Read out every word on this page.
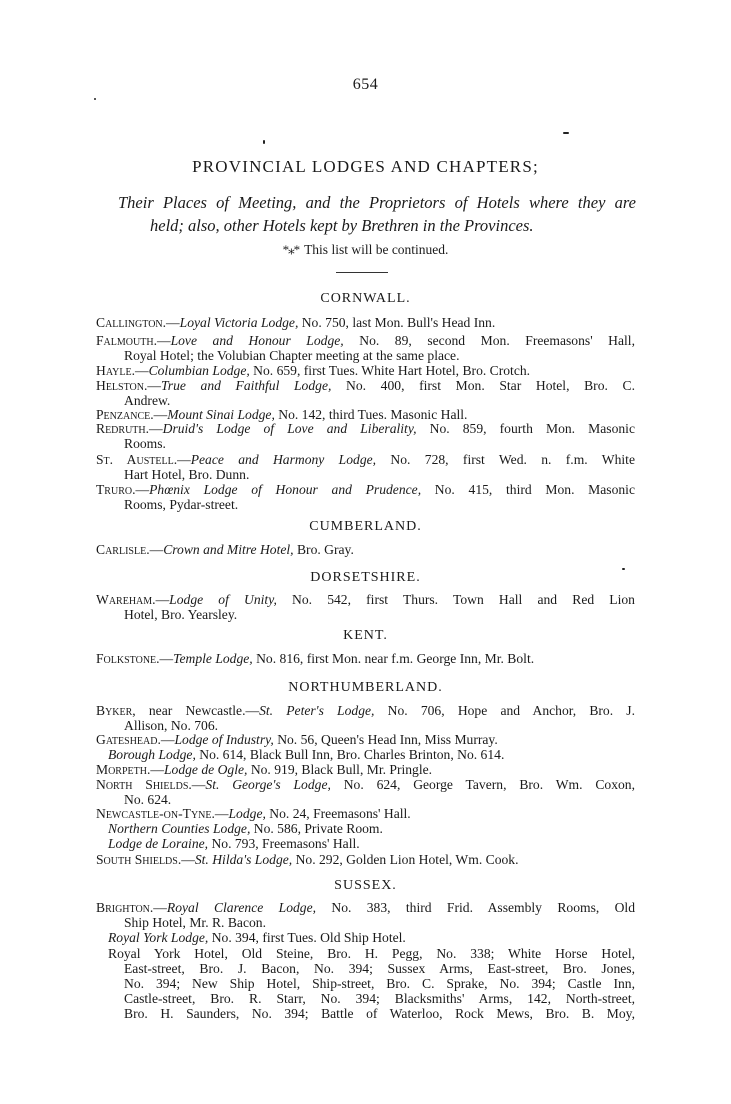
654
PROVINCIAL LODGES AND CHAPTERS;
Their Places of Meeting, and the Proprietors of Hotels where they are
held; also, other Hotels kept by Brethren in the Provinces.
*⁎* This list will be continued.
CORNWALL.
Callington.—Loyal Victoria Lodge, No. 750, last Mon. Bull's Head Inn.
Falmouth.—Love and Honour Lodge, No. 89, second Mon. Freemasons' Hall,
Royal Hotel; the Volubian Chapter meeting at the same place.
Hayle.—Columbian Lodge, No. 659, first Tues. White Hart Hotel, Bro. Crotch.
Helston.—True and Faithful Lodge, No. 400, first Mon. Star Hotel, Bro. C.
Andrew.
Penzance.—Mount Sinai Lodge, No. 142, third Tues. Masonic Hall.
Redruth.—Druid's Lodge of Love and Liberality, No. 859, fourth Mon. Masonic
Rooms.
St. Austell.—Peace and Harmony Lodge, No. 728, first Wed. n. f.m. White
Hart Hotel, Bro. Dunn.
Truro.—Phœnix Lodge of Honour and Prudence, No. 415, third Mon. Masonic
Rooms, Pydar-street.
CUMBERLAND.
Carlisle.—Crown and Mitre Hotel, Bro. Gray.
DORSETSHIRE.
Wareham.—Lodge of Unity, No. 542, first Thurs. Town Hall and Red Lion
Hotel, Bro. Yearsley.
KENT.
Folkstone.—Temple Lodge, No. 816, first Mon. near f.m. George Inn, Mr. Bolt.
NORTHUMBERLAND.
Byker, near Newcastle.—St. Peter's Lodge, No. 706, Hope and Anchor, Bro. J.
Allison, No. 706.
Gateshead.—Lodge of Industry, No. 56, Queen's Head Inn, Miss Murray.
Borough Lodge, No. 614, Black Bull Inn, Bro. Charles Brinton, No. 614.
Morpeth.—Lodge de Ogle, No. 919, Black Bull, Mr. Pringle.
North Shields.—St. George's Lodge, No. 624, George Tavern, Bro. Wm. Coxon,
No. 624.
Newcastle-on-Tyne.—Lodge, No. 24, Freemasons' Hall.
Northern Counties Lodge, No. 586, Private Room.
Lodge de Loraine, No. 793, Freemasons' Hall.
South Shields.—St. Hilda's Lodge, No. 292, Golden Lion Hotel, Wm. Cook.
SUSSEX.
Brighton.—Royal Clarence Lodge, No. 383, third Frid. Assembly Rooms, Old
Ship Hotel, Mr. R. Bacon.
Royal York Lodge, No. 394, first Tues. Old Ship Hotel.
Royal York Hotel, Old Steine, Bro. H. Pegg, No. 338; White Horse Hotel,
East-street, Bro. J. Bacon, No. 394; Sussex Arms, East-street, Bro. Jones,
No. 394; New Ship Hotel, Ship-street, Bro. C. Sprake, No. 394; Castle Inn,
Castle-street, Bro. R. Starr, No. 394; Blacksmiths' Arms, 142, North-street,
Bro. H. Saunders, No. 394; Battle of Waterloo, Rock Mews, Bro. B. Moy,
